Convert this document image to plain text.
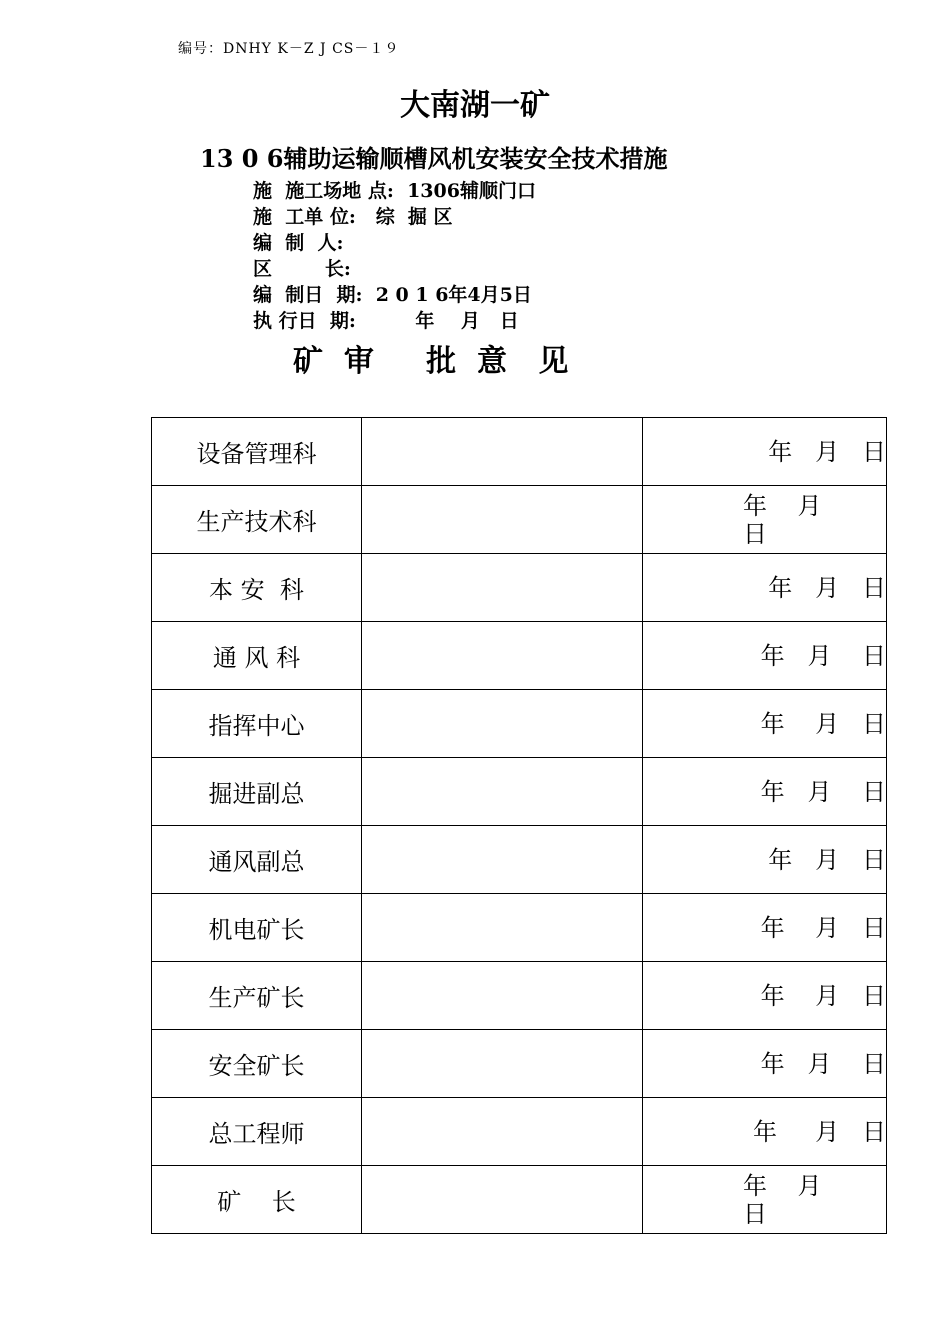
编号：DNHY K－Z J CS－１９
大南湖一矿
13 0 6辅助运输顺槽风机安装安全技术措施
施  施工场地 点:  1306辅顺门口
施  工单 位:   综  掘 区
编  制  人:
区        长:
编  制日  期:  2 0 1 6年4月5日
执 行日  期:         年    月   日
矿  审     批  意   见
设备管理科		年   月   日
生产技术科		年    月
日
本 安  科		年   月   日
通 风 科		年   月    日
指挥中心		年    月   日
掘进副总		年   月    日
通风副总		年   月   日
机电矿长		年    月   日
生产矿长		年    月   日
安全矿长		年   月    日
总工程师		年     月   日
矿    长		年    月
日
